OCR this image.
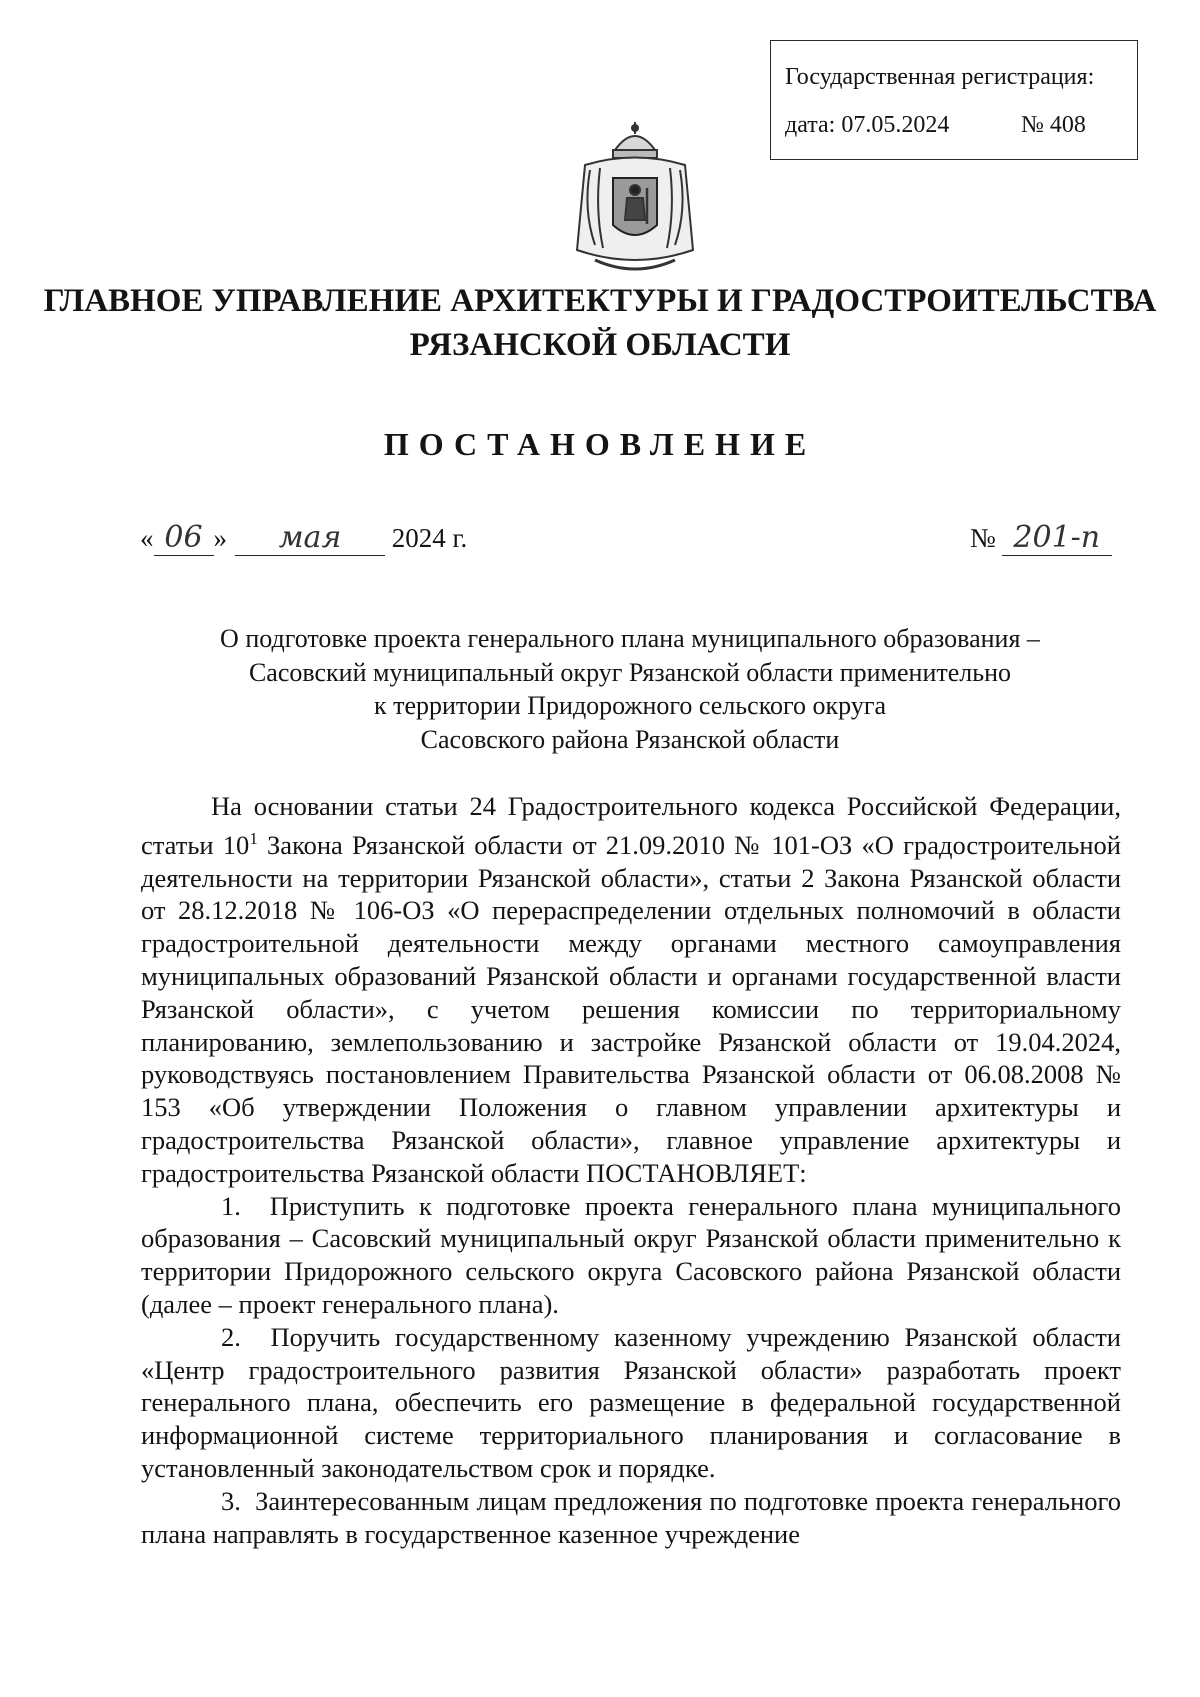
Государственная регистрация:
дата: 07.05.2024	№ 408
ГЛАВНОЕ УПРАВЛЕНИЕ АРХИТЕКТУРЫ И ГРАДОСТРОИТЕЛЬСТВА
РЯЗАНСКОЙ ОБЛАСТИ
ПОСТАНОВЛЕНИЕ
« 06 » мая 2024 г.	№ 201-п
О подготовке проекта генерального плана муниципального образования –
Сасовский муниципальный округ Рязанской области применительно
к территории Придорожного сельского округа
Сасовского района Рязанской области

На основании статьи 24 Градостроительного кодекса Российской Федерации, статьи $10^1$ Закона Рязанской области от 21.09.2010 № 101-ОЗ «О градостроительной деятельности на территории Рязанской области», статьи 2 Закона Рязанской области от 28.12.2018 № 106-ОЗ «О перераспределении отдельных полномочий в области градостроительной деятельности между органами местного самоуправления муниципальных образований Рязанской области и органами государственной власти Рязанской области», с учетом решения комиссии по территориальному планированию, землепользованию и застройке Рязанской области от 19.04.2024, руководствуясь постановлением Правительства Рязанской области от 06.08.2008 № 153 «Об утверждении Положения о главном управлении архитектуры и градостроительства Рязанской области», главное управление архитектуры и градостроительства Рязанской области ПОСТАНОВЛЯЕТ:

1.  Приступить к подготовке проекта генерального плана муниципального образования – Сасовский муниципальный округ Рязанской области применительно к территории Придорожного сельского округа Сасовского района Рязанской области (далее – проект генерального плана).

2.  Поручить государственному казенному учреждению Рязанской области «Центр градостроительного развития Рязанской области» разработать проект генерального плана, обеспечить его размещение в федеральной государственной информационной системе территориального планирования и согласование в установленный законодательством срок и порядке.

3.  Заинтересованным лицам предложения по подготовке проекта генерального плана направлять в государственное казенное учреждение
